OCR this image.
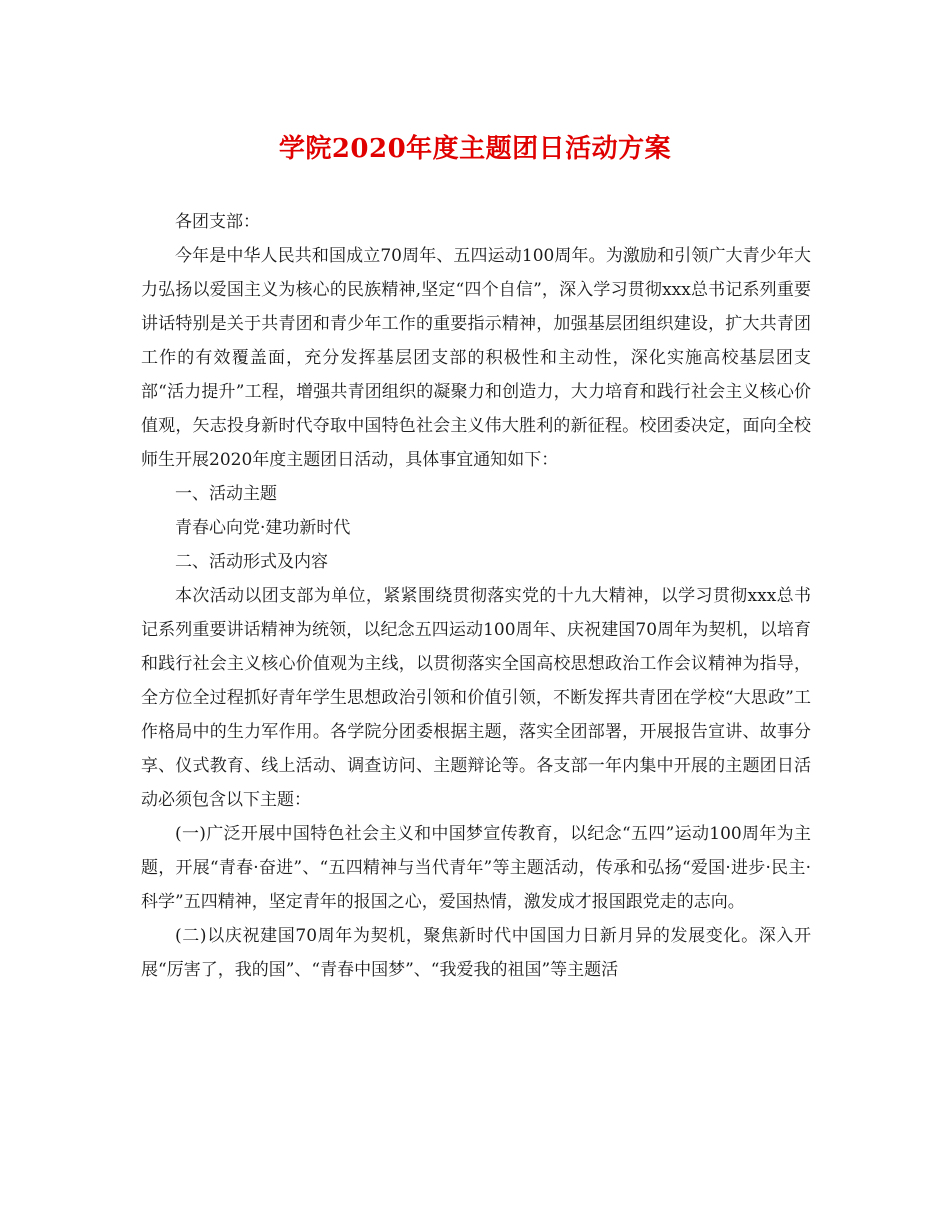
学院2020年度主题团日活动方案

各团支部：

今年是中华人民共和国成立70周年、五四运动100周年。为激励和引领广大青少年大力弘扬以爱国主义为核心的民族精神,坚定“四个自信”，深入学习贯彻xxx总书记系列重要讲话特别是关于共青团和青少年工作的重要指示精神，加强基层团组织建设，扩大共青团工作的有效覆盖面，充分发挥基层团支部的积极性和主动性，深化实施高校基层团支部“活力提升”工程，增强共青团组织的凝聚力和创造力，大力培育和践行社会主义核心价值观，矢志投身新时代夺取中国特色社会主义伟大胜利的新征程。校团委决定，面向全校师生开展2020年度主题团日活动，具体事宜通知如下：

一、活动主题

青春心向党·建功新时代

二、活动形式及内容

本次活动以团支部为单位，紧紧围绕贯彻落实党的十九大精神，以学习贯彻xxx总书记系列重要讲话精神为统领，以纪念五四运动100周年、庆祝建国70周年为契机，以培育和践行社会主义核心价值观为主线，以贯彻落实全国高校思想政治工作会议精神为指导，全方位全过程抓好青年学生思想政治引领和价值引领，不断发挥共青团在学校“大思政”工作格局中的生力军作用。各学院分团委根据主题，落实全团部署，开展报告宣讲、故事分享、仪式教育、线上活动、调查访问、主题辩论等。各支部一年内集中开展的主题团日活动必须包含以下主题：

(一)广泛开展中国特色社会主义和中国梦宣传教育，以纪念“五四”运动100周年为主题，开展“青春·奋进”、“五四精神与当代青年”等主题活动，传承和弘扬“爱国·进步·民主·科学”五四精神，坚定青年的报国之心，爱国热情，激发成才报国跟党走的志向。

(二)以庆祝建国70周年为契机，聚焦新时代中国国力日新月异的发展变化。深入开展“厉害了，我的国”、“青春中国梦”、“我爱我的祖国”等主题活
